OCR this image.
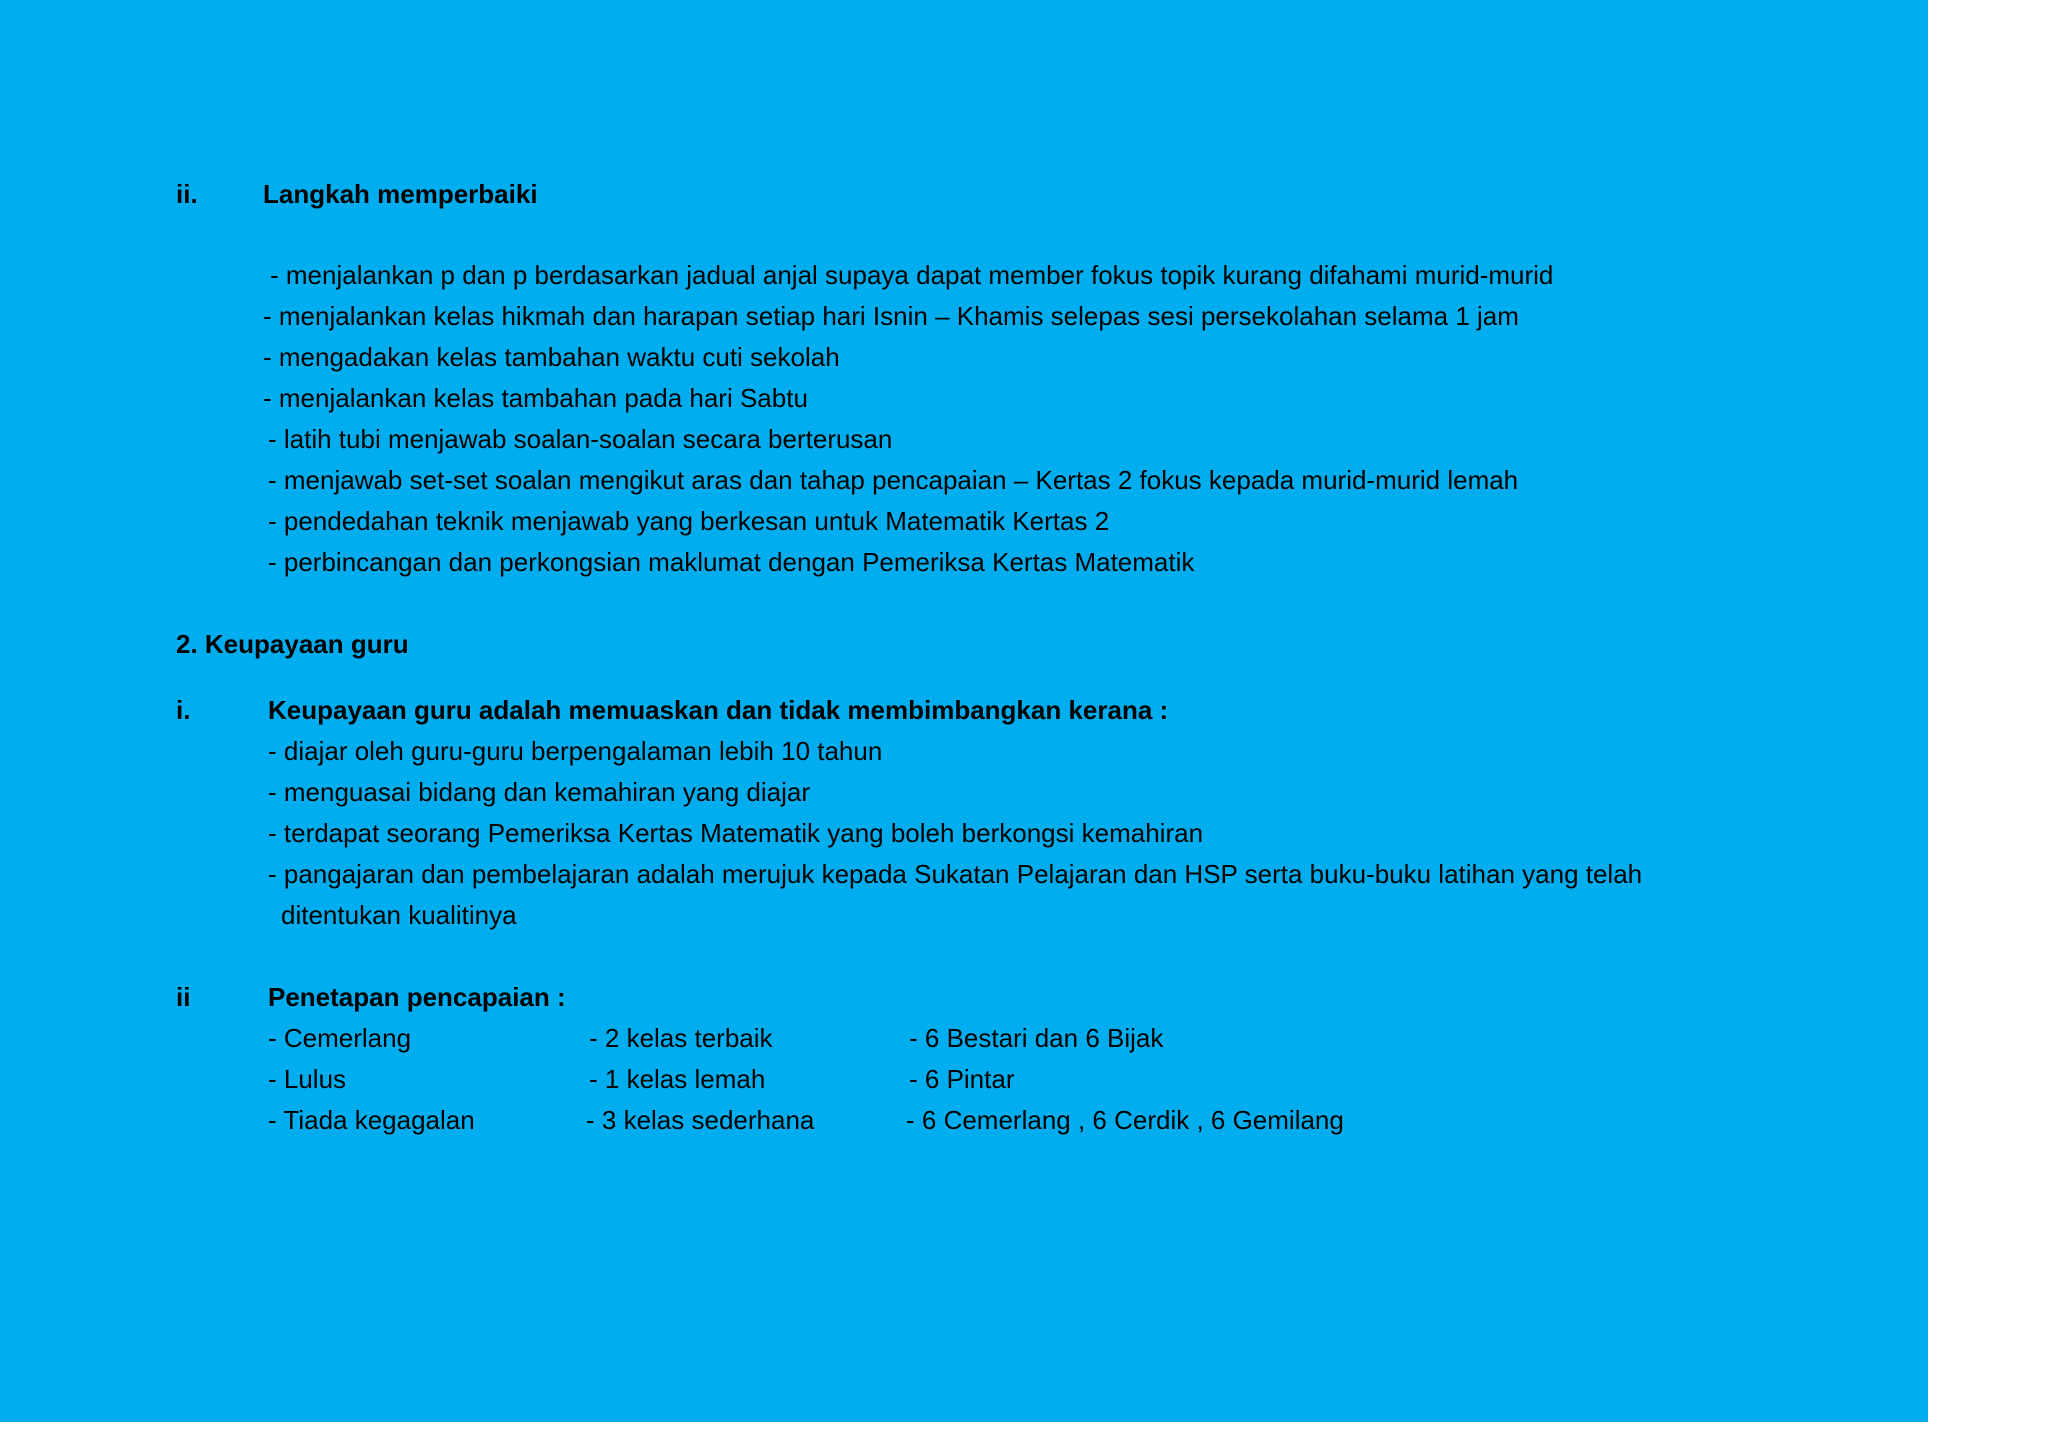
ii.	Langkah memperbaiki

- menjalankan p dan p berdasarkan jadual anjal supaya dapat member fokus topik kurang difahami murid-murid

- menjalankan kelas hikmah dan harapan setiap hari Isnin – Khamis selepas sesi persekolahan selama 1 jam

- mengadakan kelas tambahan waktu cuti sekolah

- menjalankan kelas tambahan pada hari Sabtu

- latih tubi menjawab soalan-soalan secara berterusan

- menjawab set-set soalan mengikut aras dan tahap pencapaian – Kertas 2 fokus kepada murid-murid lemah

- pendedahan teknik menjawab yang berkesan untuk Matematik Kertas 2

- perbincangan dan perkongsian maklumat dengan Pemeriksa Kertas Matematik

2. Keupayaan guru

i.	Keupayaan guru adalah memuaskan dan tidak membimbangkan kerana :

- diajar oleh guru-guru berpengalaman lebih 10 tahun

- menguasai bidang dan kemahiran yang diajar

- terdapat seorang Pemeriksa Kertas Matematik yang boleh berkongsi kemahiran

- pangajaran dan pembelajaran adalah merujuk kepada Sukatan Pelajaran dan HSP serta buku-buku latihan yang telah

ditentukan kualitinya

ii	Penetapan pencapaian :

- Cemerlang	- 2 kelas terbaik	- 6 Bestari dan 6 Bijak

- Lulus	- 1 kelas lemah	- 6 Pintar

- Tiada kegagalan	- 3 kelas sederhana	- 6 Cemerlang , 6 Cerdik , 6 Gemilang
